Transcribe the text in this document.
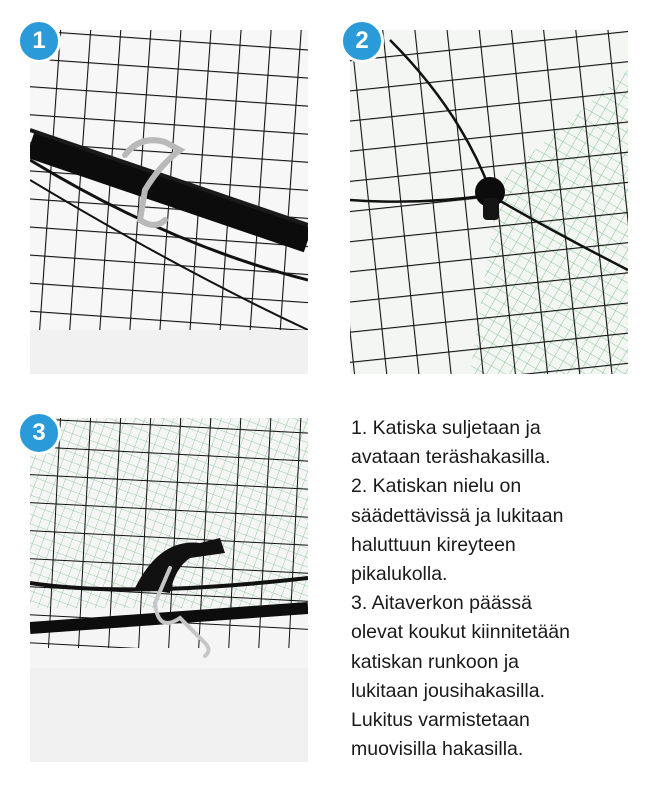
1	2
3	1. Katiska suljetaan ja
avataan teräshakasilla.
2. Katiskan nielu on
säädettävissä ja lukitaan
haluttuun kireyteen
pikalukolla.
3. Aitaverkon päässä
olevat koukut kiinnitetään
katiskan runkoon ja
lukitaan jousihakasilla.
Lukitus varmistetaan
muovisilla hakasilla.
